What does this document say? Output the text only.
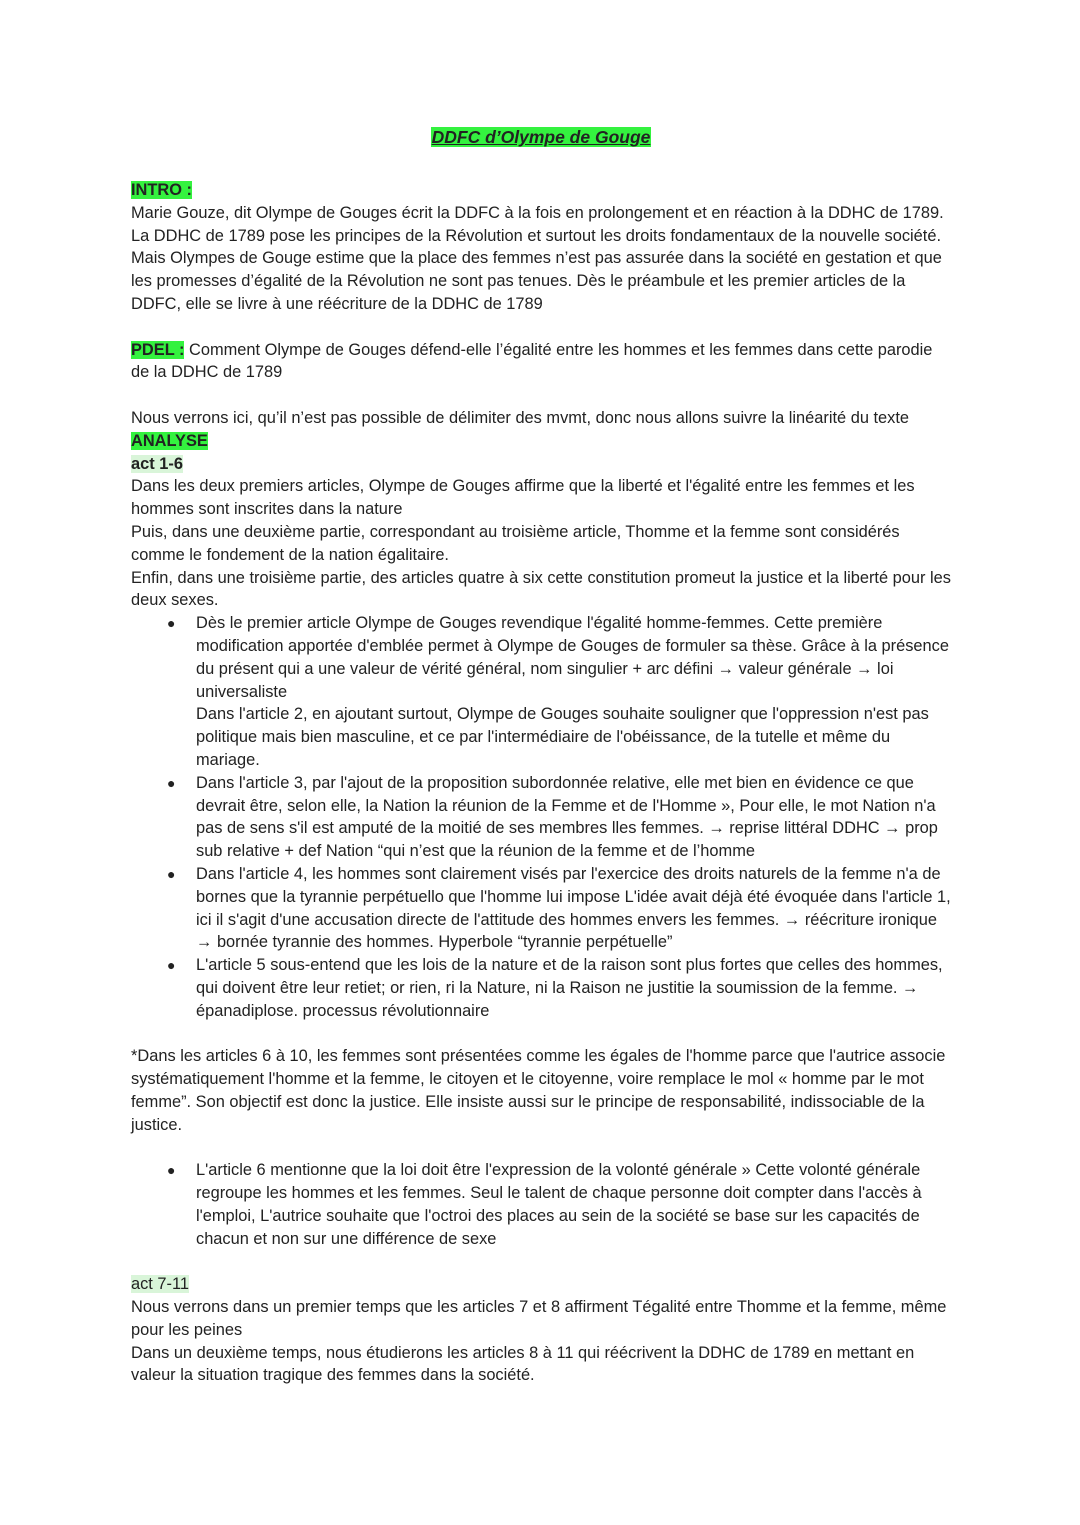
DDFC d’Olympe de Gouge

INTRO :

Marie Gouze, dit Olympe de Gouges écrit la DDFC à la fois en prolongement et en réaction à la DDHC de 1789. La DDHC de 1789 pose les principes de la Révolution et surtout les droits fondamentaux de la nouvelle société. Mais Olympes de Gouge estime que la place des femmes n’est pas assurée dans la société en gestation et que les promesses d’égalité de la Révolution ne sont pas tenues. Dès le préambule et les premier articles de la DDFC, elle se livre à une réécriture de la DDHC de 1789

PDEL : Comment Olympe de Gouges défend-elle l’égalité entre les hommes et les femmes dans cette parodie de la DDHC de 1789

Nous verrons ici, qu’il n’est pas possible de délimiter des mvmt, donc nous allons suivre la linéarité du texte

ANALYSE

act 1-6

Dans les deux premiers articles, Olympe de Gouges affirme que la liberté et l'égalité entre les femmes et les hommes sont inscrites dans la nature

Puis, dans une deuxième partie, correspondant au troisième article, Thomme et la femme sont considérés comme le fondement de la nation égalitaire.

Enfin, dans une troisième partie, des articles quatre à six cette constitution promeut la justice et la liberté pour les deux sexes.

● Dès le premier article Olympe de Gouges revendique l'égalité homme-femmes. Cette première modification apportée d'emblée permet à Olympe de Gouges de formuler sa thèse. Grâce à la présence du présent qui a une valeur de vérité général, nom singulier + arc défini → valeur générale → loi universaliste
Dans l'article 2, en ajoutant surtout, Olympe de Gouges souhaite souligner que l'oppression n'est pas politique mais bien masculine, et ce par l'intermédiaire de l'obéissance, de la tutelle et même du mariage.
● Dans l'article 3, par l'ajout de la proposition subordonnée relative, elle met bien en évidence ce que devrait être, selon elle, la Nation la réunion de la Femme et de l'Homme », Pour elle, le mot Nation n'a pas de sens s'il est amputé de la moitié de ses membres lles femmes. → reprise littéral DDHC → prop sub relative + def Nation “qui n’est que la réunion de la femme et de l’homme
● Dans l'article 4, les hommes sont clairement visés par l'exercice des droits naturels de la femme n'a de bornes que la tyrannie perpétuello que l'homme lui impose L'idée avait déjà été évoquée dans l'article 1, ici il s'agit d'une accusation directe de l'attitude des hommes envers les femmes. → réécriture ironique → bornée tyrannie des hommes. Hyperbole “tyrannie perpétuelle”
● L'article 5 sous-entend que les lois de la nature et de la raison sont plus fortes que celles des hommes, qui doivent être leur retiet; or rien, ri la Nature, ni la Raison ne justitie la soumission de la femme. → épanadiplose. processus révolutionnaire

*Dans les articles 6 à 10, les femmes sont présentées comme les égales de l'homme parce que l'autrice associe systématiquement l'homme et la femme, le citoyen et le citoyenne, voire remplace le mol « homme par le mot femme”. Son objectif est donc la justice. Elle insiste aussi sur le principe de responsabilité, indissociable de la justice.

● L'article 6 mentionne que la loi doit être l'expression de la volonté générale » Cette volonté générale regroupe les hommes et les femmes. Seul le talent de chaque personne doit compter dans l'accès à l'emploi, L'autrice souhaite que l'octroi des places au sein de la société se base sur les capacités de chacun et non sur une différence de sexe

act 7-11

Nous verrons dans un premier temps que les articles 7 et 8 affirment Tégalité entre Thomme et la femme, même pour les peines

Dans un deuxième temps, nous étudierons les articles 8 à 11 qui réécrivent la DDHC de 1789 en mettant en valeur la situation tragique des femmes dans la société.
